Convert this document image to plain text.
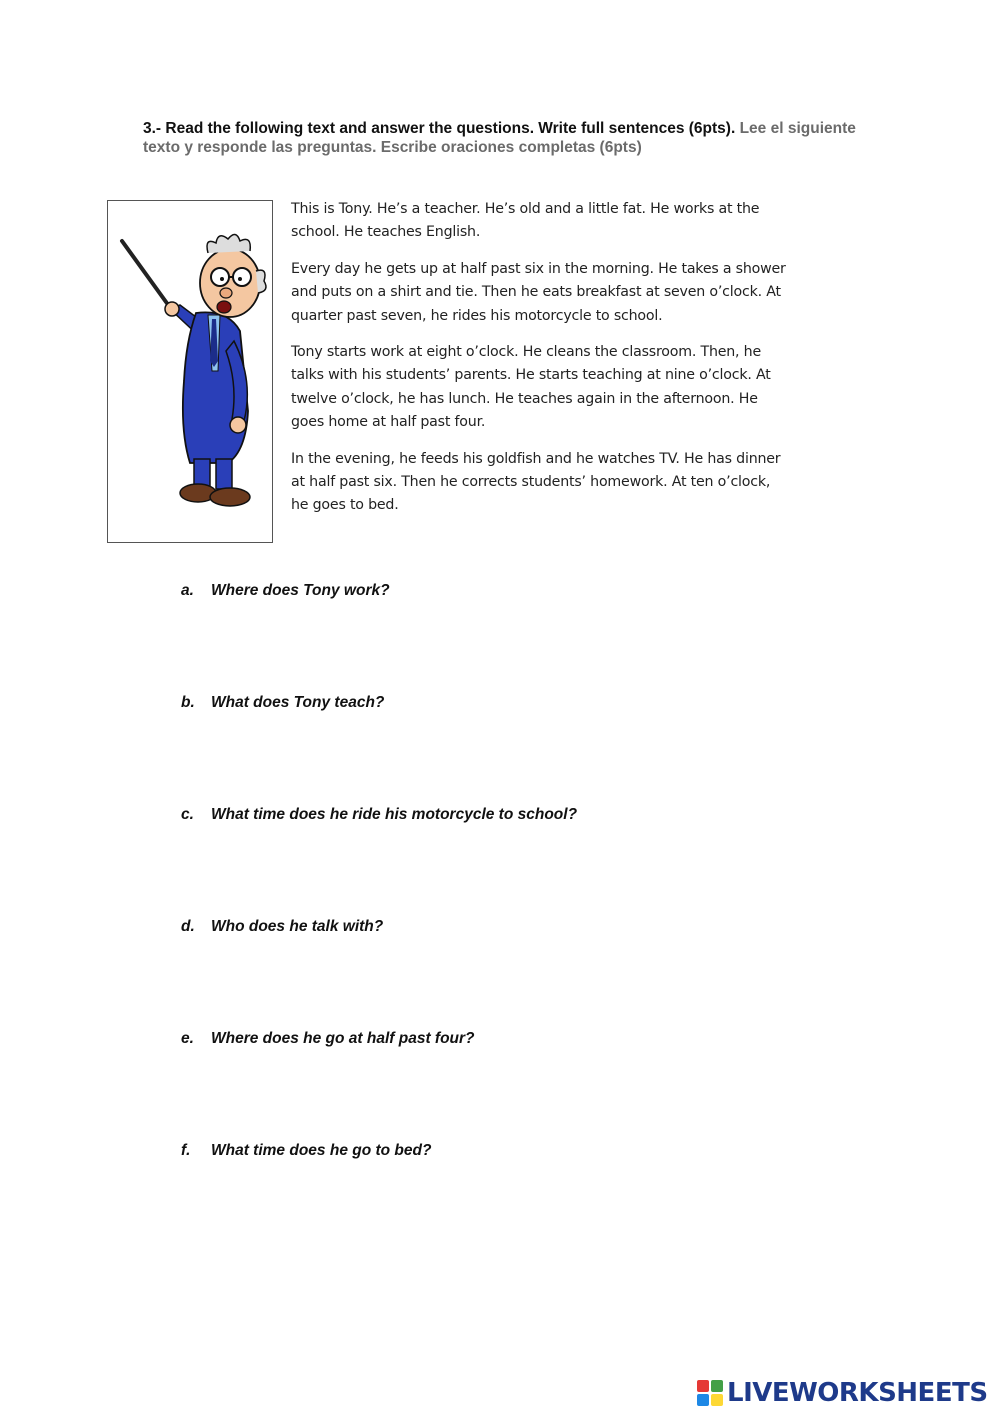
3.- Read the following text and answer the questions. Write full sentences (6pts). Lee el siguiente texto y responde las preguntas. Escribe oraciones completas (6pts)

This is Tony. He’s a teacher. He’s old and a little fat. He works at the school. He teaches English.

Every day he gets up at half past six in the morning. He takes a shower and puts on a shirt and tie. Then he eats breakfast at seven o’clock. At quarter past seven, he rides his motorcycle to school.

Tony starts work at eight o’clock. He cleans the classroom. Then, he talks with his students’ parents. He starts teaching at nine o’clock. At twelve o’clock, he has lunch. He teaches again in the afternoon. He goes home at half past four.

In the evening, he feeds his goldfish and he watches TV. He has dinner at half past six. Then he corrects students’ homework. At ten o’clock, he goes to bed.

a. Where does Tony work?
b. What does Tony teach?
c. What time does he ride his motorcycle to school?
d. Who does he talk with?
e. Where does he go at half past four?
f. What time does he go to bed?
LIVEWORKSHEETS
